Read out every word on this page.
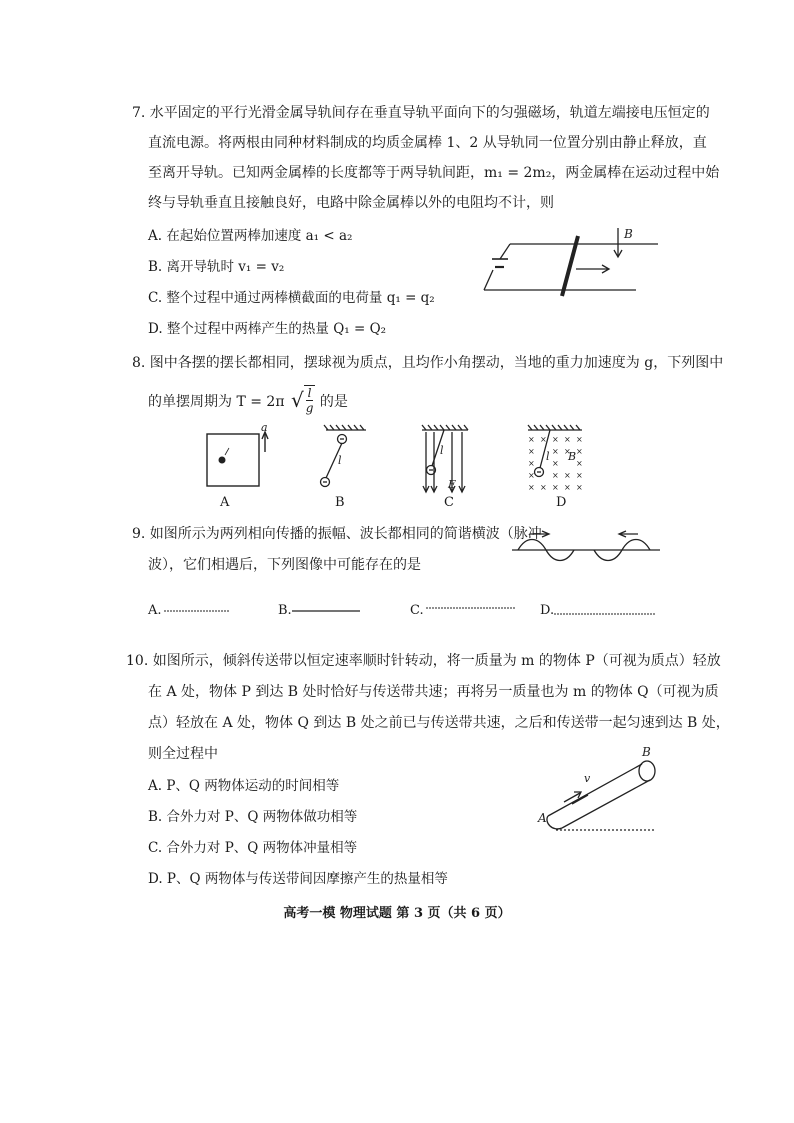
7. 水平固定的平行光滑金属导轨间存在垂直导轨平面向下的匀强磁场，轨道左端接电压恒定的
直流电源。将两根由同种材料制成的均质金属棒 1、2 从导轨同一位置分别由静止释放，直
至离开导轨。已知两金属棒的长度都等于两导轨间距，m₁ = 2m₂，两金属棒在运动过程中始
终与导轨垂直且接触良好，电路中除金属棒以外的电阻均不计，则
A. 在起始位置两棒加速度 a₁ < a₂
B. 离开导轨时 v₁ = v₂
C. 整个过程中通过两棒横截面的电荷量 q₁ = q₂
D. 整个过程中两棒产生的热量 Q₁ = Q₂
B
8. 图中各摆的摆长都相同，摆球视为质点，且均作小角摆动，当地的重力加速度为 g，下列图中
的单摆周期为 T = 2π √ $\frac{l}{g}$ 的是
a
A
l
B
l
E
C
× × × × ×
× × × ×
× × ×
× × × ×
× × × × ×
l B
D
9. 如图所示为两列相向传播的振幅、波长都相同的简谐横波（脉冲
波），它们相遇后，下列图像中可能存在的是
A.	B.	C.	D.
10. 如图所示，倾斜传送带以恒定速率顺时针转动，将一质量为 m 的物体 P（可视为质点）轻放
在 A 处，物体 P 到达 B 处时恰好与传送带共速；再将另一质量也为 m 的物体 Q（可视为质
点）轻放在 A 处，物体 Q 到达 B 处之前已与传送带共速，之后和传送带一起匀速到达 B 处，
则全过程中
A. P、Q 两物体运动的时间相等
B. 合外力对 P、Q 两物体做功相等
C. 合外力对 P、Q 两物体冲量相等
D. P、Q 两物体与传送带间因摩擦产生的热量相等
A
B
v
高考一模 物理试题 第 3 页（共 6 页）
